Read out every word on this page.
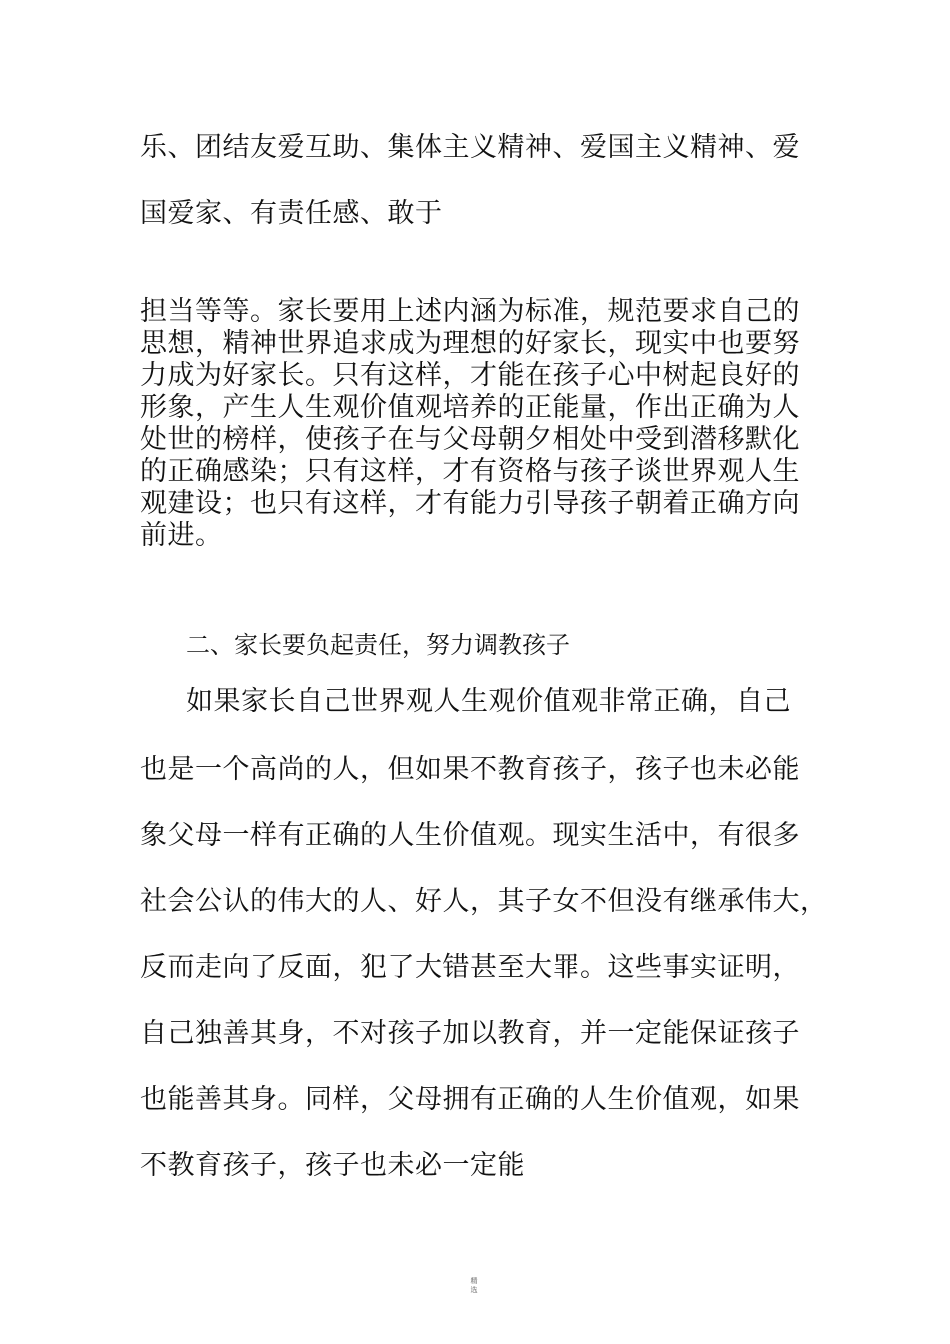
乐、团结友爱互助、集体主义精神、爱国主义精神、爱
国爱家、有责任感、敢于
担当等等。家长要用上述内涵为标准，规范要求自己的
思想，精神世界追求成为理想的好家长，现实中也要努
力成为好家长。只有这样，才能在孩子心中树起良好的
形象，产生人生观价值观培养的正能量，作出正确为人
处世的榜样，使孩子在与父母朝夕相处中受到潜移默化
的正确感染；只有这样，才有资格与孩子谈世界观人生
观建设；也只有这样，才有能力引导孩子朝着正确方向
前进。
二、家长要负起责任，努力调教孩子
如果家长自己世界观人生观价值观非常正确，自己
也是一个高尚的人，但如果不教育孩子，孩子也未必能
象父母一样有正确的人生价值观。现实生活中，有很多
社会公认的伟大的人、好人，其子女不但没有继承伟大，
反而走向了反面，犯了大错甚至大罪。这些事实证明，
自己独善其身，不对孩子加以教育，并一定能保证孩子
也能善其身。同样，父母拥有正确的人生价值观，如果
不教育孩子，孩子也未必一定能
精
选
